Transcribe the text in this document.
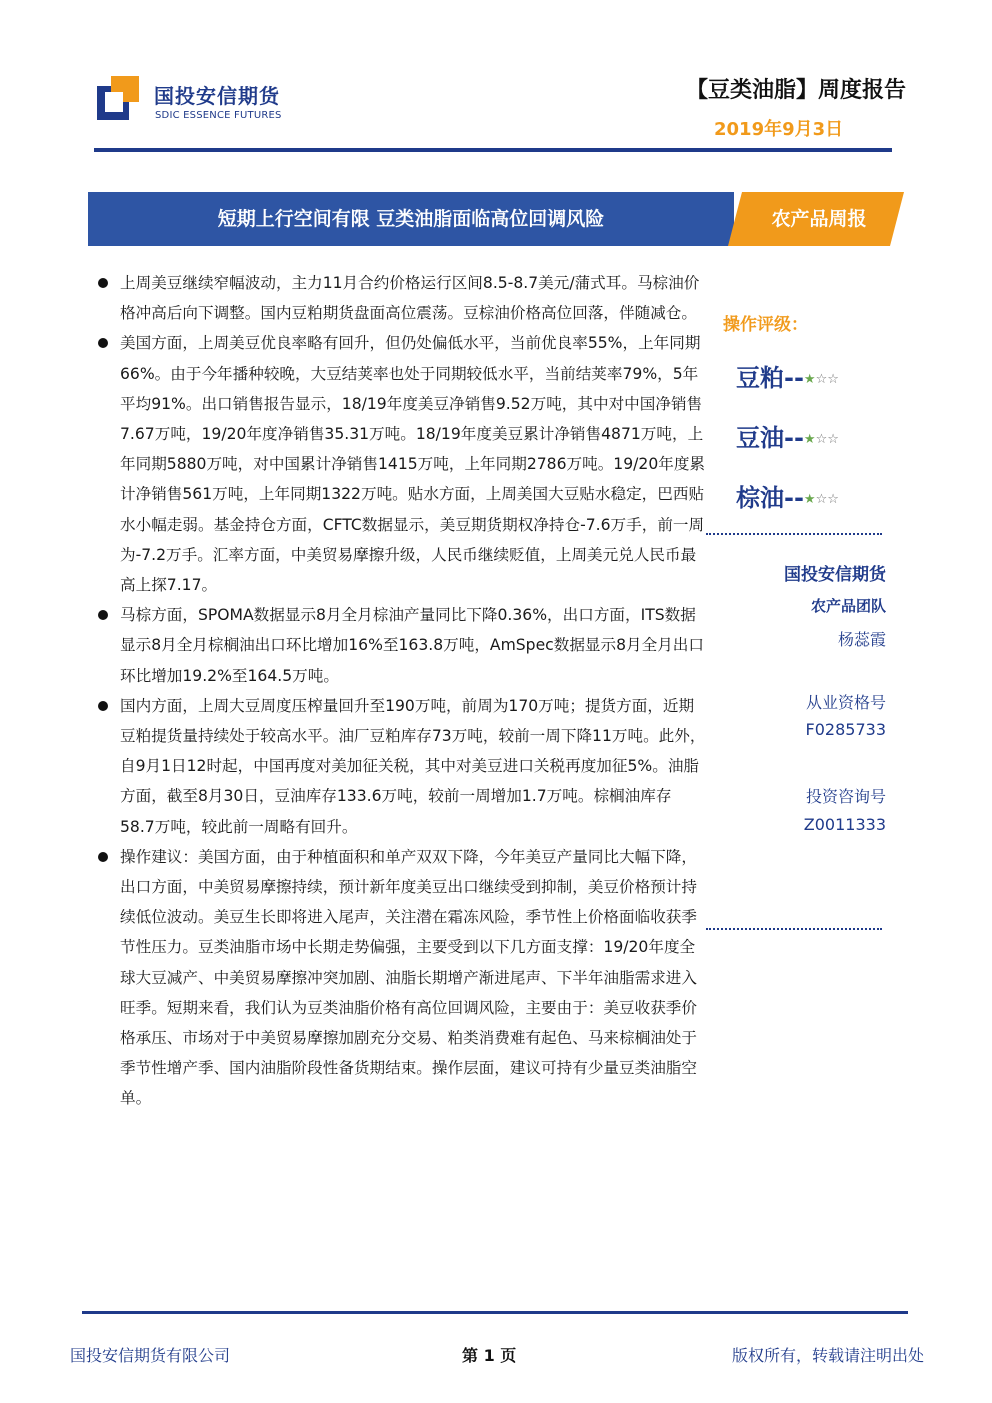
国投安信期货
SDIC ESSENCE FUTURES
【豆类油脂】周度报告
2019年9月3日
短期上行空间有限 豆类油脂面临高位回调风险	农产品周报
上周美豆继续窄幅波动，主力11月合约价格运行区间8.5-8.7美元/蒲式耳。马棕油价格冲高后向下调整。国内豆粕期货盘面高位震荡。豆棕油价格高位回落，伴随减仓。
美国方面，上周美豆优良率略有回升，但仍处偏低水平，当前优良率55%，上年同期66%。由于今年播种较晚，大豆结荚率也处于同期较低水平，当前结荚率79%，5年平均91%。出口销售报告显示，18/19年度美豆净销售9.52万吨，其中对中国净销售7.67万吨，19/20年度净销售35.31万吨。18/19年度美豆累计净销售4871万吨，上年同期5880万吨，对中国累计净销售1415万吨，上年同期2786万吨。19/20年度累计净销售561万吨，上年同期1322万吨。贴水方面，上周美国大豆贴水稳定，巴西贴水小幅走弱。基金持仓方面，CFTC数据显示，美豆期货期权净持仓-7.6万手，前一周为-7.2万手。汇率方面，中美贸易摩擦升级，人民币继续贬值，上周美元兑人民币最高上探7.17。
马棕方面，SPOMA数据显示8月全月棕油产量同比下降0.36%，出口方面，ITS数据显示8月全月棕榈油出口环比增加16%至163.8万吨，AmSpec数据显示8月全月出口环比增加19.2%至164.5万吨。
国内方面，上周大豆周度压榨量回升至190万吨，前周为170万吨；提货方面，近期豆粕提货量持续处于较高水平。油厂豆粕库存73万吨，较前一周下降11万吨。此外，自9月1日12时起，中国再度对美加征关税，其中对美豆进口关税再度加征5%。油脂方面，截至8月30日，豆油库存133.6万吨，较前一周增加1.7万吨。棕榈油库存58.7万吨，较此前一周略有回升。
操作建议：美国方面，由于种植面积和单产双双下降，今年美豆产量同比大幅下降，出口方面，中美贸易摩擦持续，预计新年度美豆出口继续受到抑制，美豆价格预计持续低位波动。美豆生长即将进入尾声，关注潜在霜冻风险，季节性上价格面临收获季节性压力。豆类油脂市场中长期走势偏强，主要受到以下几方面支撑：19/20年度全球大豆减产、中美贸易摩擦冲突加剧、油脂长期增产渐进尾声、下半年油脂需求进入旺季。短期来看，我们认为豆类油脂价格有高位回调风险，主要由于：美豆收获季价格承压、市场对于中美贸易摩擦加剧充分交易、粕类消费难有起色、马来棕榈油处于季节性增产季、国内油脂阶段性备货期结束。操作层面，建议可持有少量豆类油脂空单。
操作评级：
豆粕--★☆☆
豆油--★☆☆
棕油--★☆☆
国投安信期货
农产品团队
杨蕊霞
从业资格号
F0285733
投资咨询号
Z0011333
国投安信期货有限公司	第 1 页	版权所有，转载请注明出处
